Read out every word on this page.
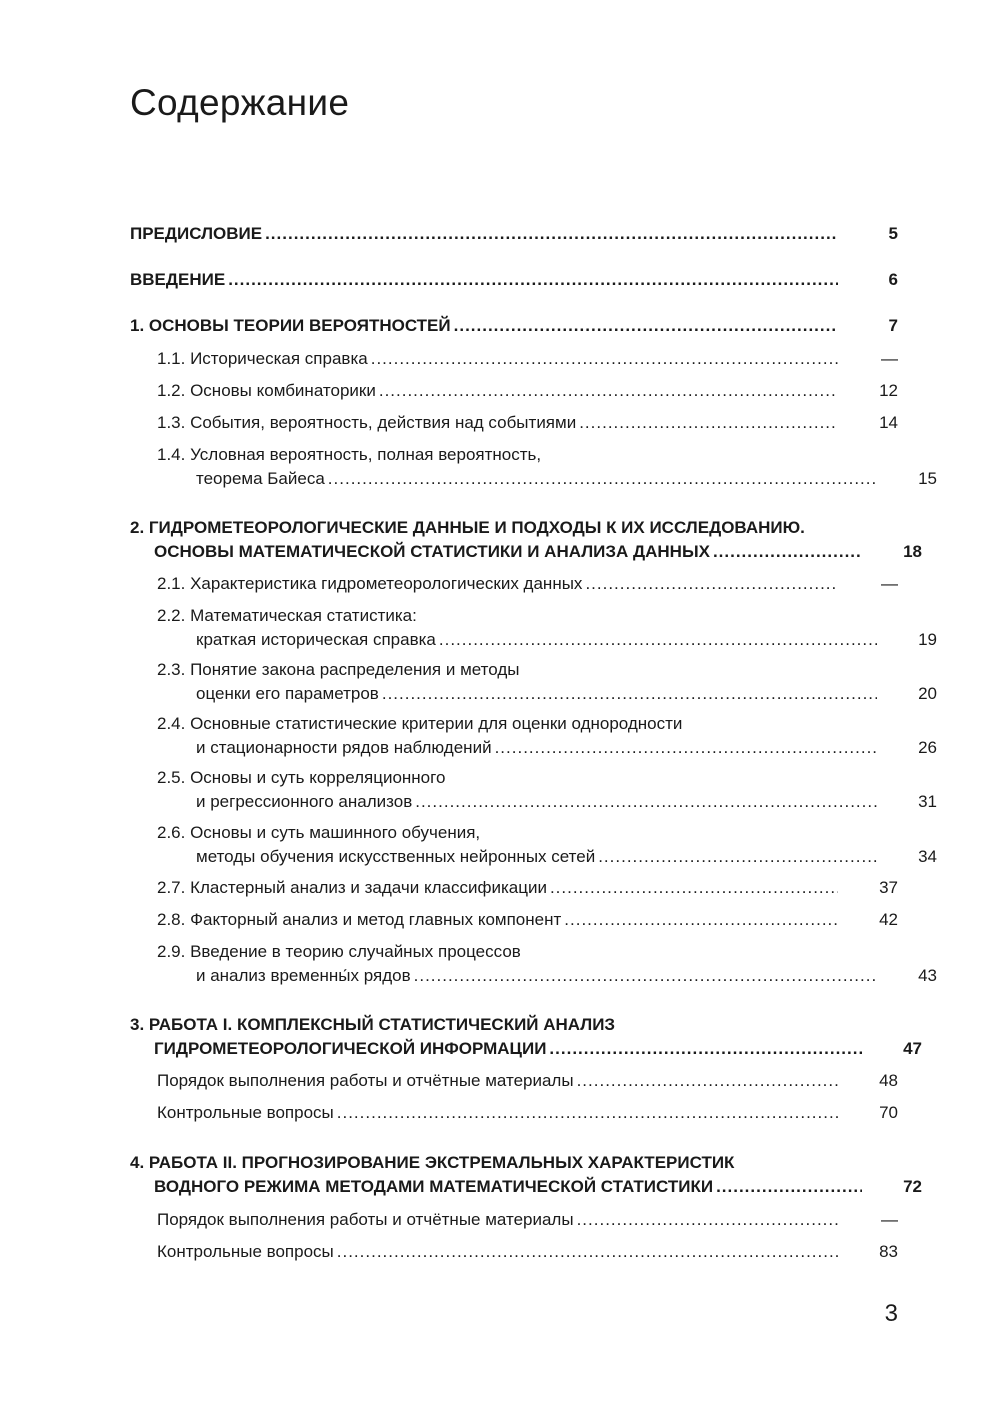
Содержание
ПРЕДИСЛОВИЕ .....	5
ВВЕДЕНИЕ .....	6
1. ОСНОВЫ ТЕОРИИ ВЕРОЯТНОСТЕЙ .....	7
1.1. Историческая справка .....	—
1.2. Основы комбинаторики .....	12
1.3. События, вероятность, действия над событиями .....	14
1.4. Условная вероятность, полная вероятность,
теорема Байеса .....	15
2. ГИДРОМЕТЕОРОЛОГИЧЕСКИЕ ДАННЫЕ И ПОДХОДЫ К ИХ ИССЛЕДОВАНИЮ.
ОСНОВЫ МАТЕМАТИЧЕСКОЙ СТАТИСТИКИ И АНАЛИЗА ДАННЫХ .....	18
2.1. Характеристика гидрометеорологических данных .....	—
2.2. Математическая статистика:
краткая историческая справка .....	19
2.3. Понятие закона распределения и методы
оценки его параметров .....	20
2.4. Основные статистические критерии для оценки однородности
и стационарности рядов наблюдений .....	26
2.5. Основы и суть корреляционного
и регрессионного анализов .....	31
2.6. Основы и суть машинного обучения,
методы обучения искусственных нейронных сетей .....	34
2.7. Кластерный анализ и задачи классификации .....	37
2.8. Факторный анализ и метод главных компонент .....	42
2.9. Введение в теорию случайных процессов
и анализ временны́х рядов .....	43
3. РАБОТА I. КОМПЛЕКСНЫЙ СТАТИСТИЧЕСКИЙ АНАЛИЗ
ГИДРОМЕТЕОРОЛОГИЧЕСКОЙ ИНФОРМАЦИИ .....	47
Порядок выполнения работы и отчётные материалы .....	48
Контрольные вопросы .....	70
4. РАБОТА II. ПРОГНОЗИРОВАНИЕ ЭКСТРЕМАЛЬНЫХ ХАРАКТЕРИСТИК
ВОДНОГО РЕЖИМА МЕТОДАМИ МАТЕМАТИЧЕСКОЙ СТАТИСТИКИ .....	72
Порядок выполнения работы и отчётные материалы .....	—
Контрольные вопросы .....	83
3
